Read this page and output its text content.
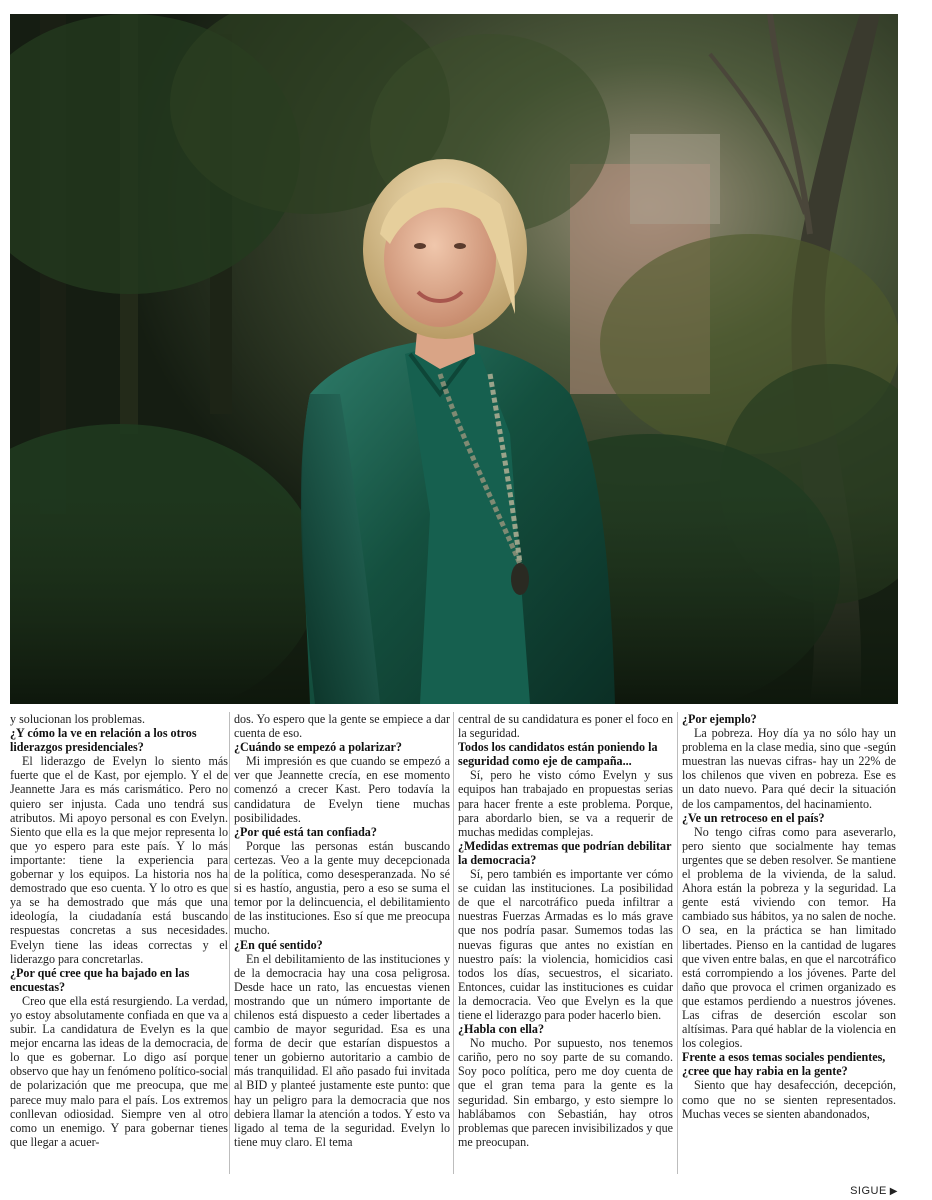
y solucionan los problemas.

¿Y cómo la ve en relación a los otros liderazgos presidenciales?

El liderazgo de Evelyn lo siento más fuerte que el de Kast, por ejemplo. Y el de Jeannette Jara es más carismático. Pero no quiero ser injusta. Cada uno tendrá sus atributos. Mi apoyo personal es con Evelyn. Siento que ella es la que mejor representa lo que yo espero para este país. Y lo más importante: tiene la experiencia para gobernar y los equipos. La historia nos ha demostrado que eso cuenta. Y lo otro es que ya se ha demostrado que más que una ideología, la ciudadanía está buscando respuestas concretas a sus necesidades. Evelyn tiene las ideas correctas y el liderazgo para concretarlas.

¿Por qué cree que ha bajado en las encuestas?

Creo que ella está resurgiendo. La verdad, yo estoy absolutamente confiada en que va a subir. La candidatura de Evelyn es la que mejor encarna las ideas de la democracia, de lo que es gobernar. Lo digo así porque observo que hay un fenómeno político-social de polarización que me preocupa, que me parece muy malo para el país. Los extremos conllevan odiosidad. Siempre ven al otro como un enemigo. Y para gobernar tienes que llegar a acuer-

dos. Yo espero que la gente se empiece a dar cuenta de eso.

¿Cuándo se empezó a polarizar?

Mi impresión es que cuando se empezó a ver que Jeannette crecía, en ese momento comenzó a crecer Kast. Pero todavía la candidatura de Evelyn tiene muchas posibilidades.

¿Por qué está tan confiada?

Porque las personas están buscando certezas. Veo a la gente muy decepcionada de la política, como desesperanzada. No sé si es hastío, angustia, pero a eso se suma el temor por la delincuencia, el debilitamiento de las instituciones. Eso sí que me preocupa mucho.

¿En qué sentido?

En el debilitamiento de las instituciones y de la democracia hay una cosa peligrosa. Desde hace un rato, las encuestas vienen mostrando que un número importante de chilenos está dispuesto a ceder libertades a cambio de mayor seguridad. Esa es una forma de decir que estarían dispuestos a tener un gobierno autoritario a cambio de más tranquilidad. El año pasado fui invitada al BID y planteé justamente este punto: que hay un peligro para la democracia que nos debiera llamar la atención a todos. Y esto va ligado al tema de la seguridad. Evelyn lo tiene muy claro. El tema

central de su candidatura es poner el foco en la seguridad.

Todos los candidatos están poniendo la seguridad como eje de campaña...

Sí, pero he visto cómo Evelyn y sus equipos han trabajado en propuestas serias para hacer frente a este problema. Porque, para abordarlo bien, se va a requerir de muchas medidas complejas.

¿Medidas extremas que podrían debilitar la democracia?

Sí, pero también es importante ver cómo se cuidan las instituciones. La posibilidad de que el narcotráfico pueda infiltrar a nuestras Fuerzas Armadas es lo más grave que nos podría pasar. Sumemos todas las nuevas figuras que antes no existían en nuestro país: la violencia, homicidios casi todos los días, secuestros, el sicariato. Entonces, cuidar las instituciones es cuidar la democracia. Veo que Evelyn es la que tiene el liderazgo para poder hacerlo bien.

¿Habla con ella?

No mucho. Por supuesto, nos tenemos cariño, pero no soy parte de su comando. Soy poco política, pero me doy cuenta de que el gran tema para la gente es la seguridad. Sin embargo, y esto siempre lo hablábamos con Sebastián, hay otros problemas que parecen invisibilizados y que me preocupan.

¿Por ejemplo?

La pobreza. Hoy día ya no sólo hay un problema en la clase media, sino que -según muestran las nuevas cifras- hay un 22% de los chilenos que viven en pobreza. Ese es un dato nuevo. Para qué decir la situación de los campamentos, del hacinamiento.

¿Ve un retroceso en el país?

No tengo cifras como para aseverarlo, pero siento que socialmente hay temas urgentes que se deben resolver. Se mantiene el problema de la vivienda, de la salud. Ahora están la pobreza y la seguridad. La gente está viviendo con temor. Ha cambiado sus hábitos, ya no salen de noche. O sea, en la práctica se han limitado libertades. Pienso en la cantidad de lugares que viven entre balas, en que el narcotráfico está corrompiendo a los jóvenes. Parte del daño que provoca el crimen organizado es que estamos perdiendo a nuestros jóvenes. Las cifras de deserción escolar son altísimas. Para qué hablar de la violencia en los colegios.

Frente a esos temas sociales pendientes, ¿cree que hay rabia en la gente?

Siento que hay desafección, decepción, como que no se sienten representados. Muchas veces se sienten abandonados,

SIGUE ▶
